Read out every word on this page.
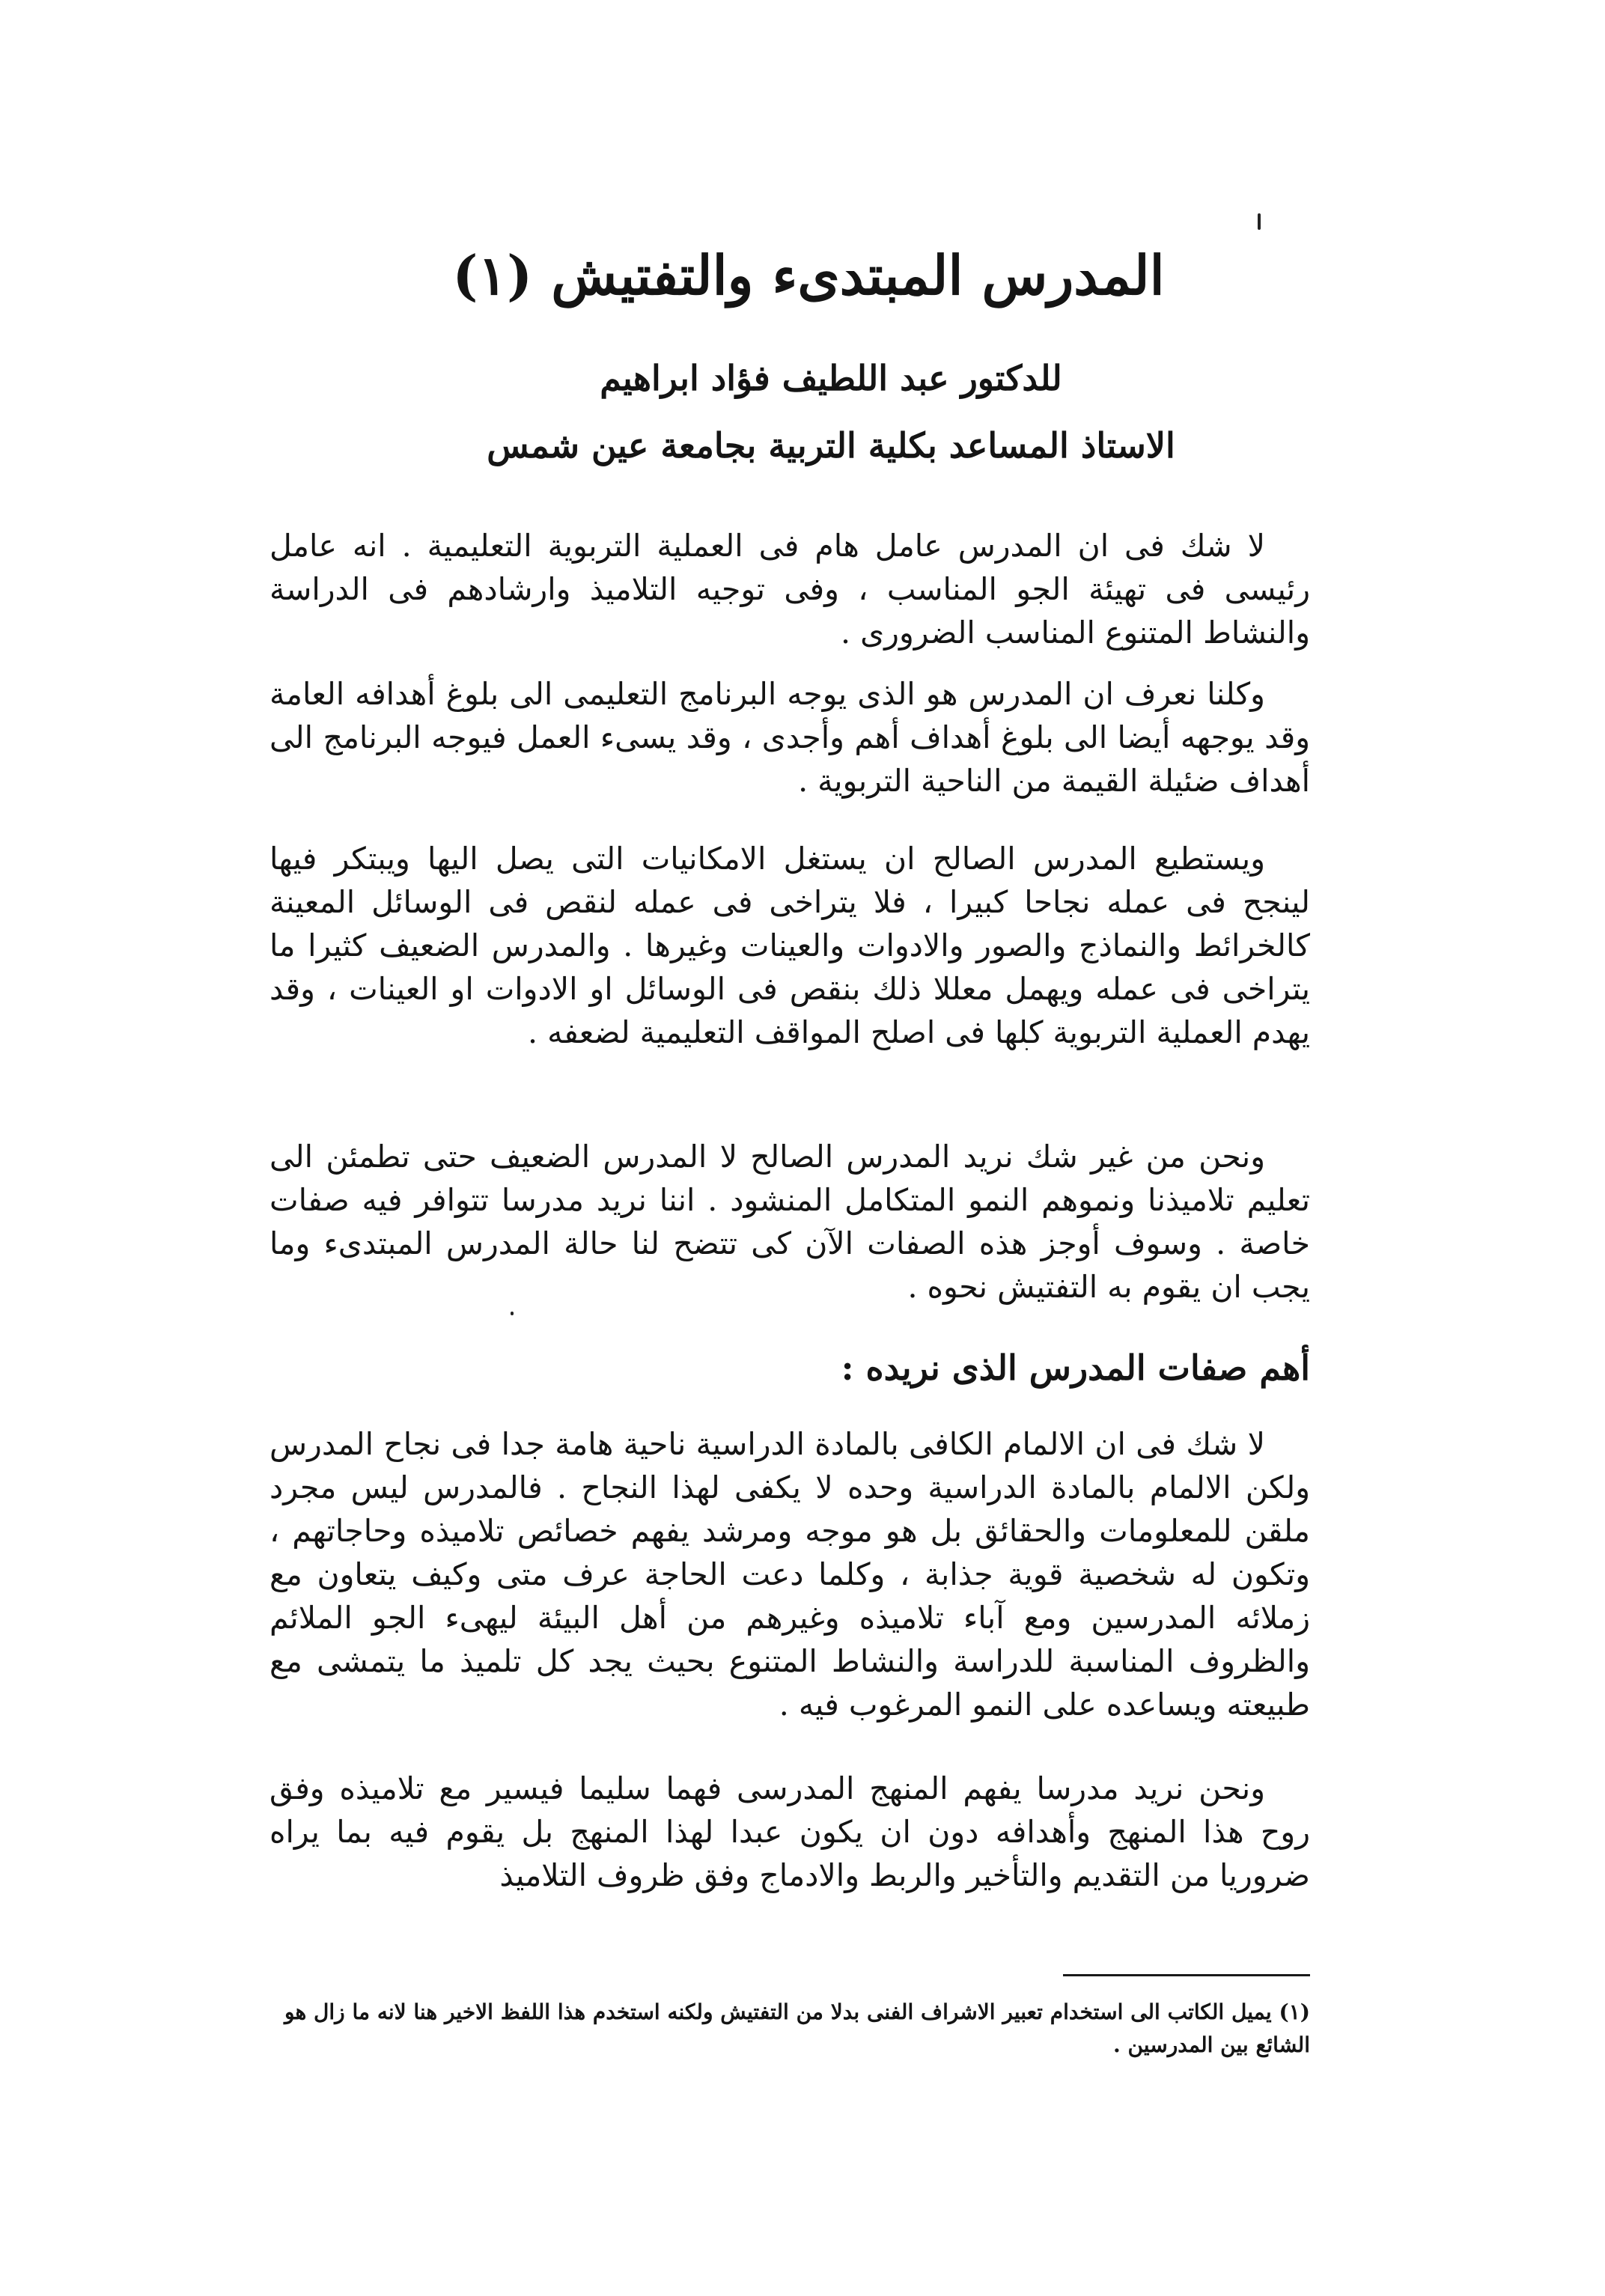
المدرس المبتدىء والتفتيش (١)

للدكتور عبد اللطيف فؤاد ابراهيم

الاستاذ المساعد بكلية التربية بجامعة عين شمس

لا شك فى ان المدرس عامل هام فى العملية التربوية التعليمية . انه عامل رئيسى فى تهيئة الجو المناسب ، وفى توجيه التلاميذ وارشادهم فى الدراسة والنشاط المتنوع المناسب الضرورى .

وكلنا نعرف ان المدرس هو الذى يوجه البرنامج التعليمى الى بلوغ أهدافه العامة وقد يوجهه أيضا الى بلوغ أهداف أهم وأجدى ، وقد يسىء العمل فيوجه البرنامج الى أهداف ضئيلة القيمة من الناحية التربوية .

ويستطيع المدرس الصالح ان يستغل الامكانيات التى يصل اليها ويبتكر فيها لينجح فى عمله نجاحا كبيرا ، فلا يتراخى فى عمله لنقص فى الوسائل المعينة كالخرائط والنماذج والصور والادوات والعينات وغيرها . والمدرس الضعيف كثيرا ما يتراخى فى عمله ويهمل معللا ذلك بنقص فى الوسائل او الادوات او العينات ، وقد يهدم العملية التربوية كلها فى اصلح المواقف التعليمية لضعفه .

ونحن من غير شك نريد المدرس الصالح لا المدرس الضعيف حتى تطمئن الى تعليم تلاميذنا ونموهم النمو المتكامل المنشود . اننا نريد مدرسا تتوافر فيه صفات خاصة . وسوف أوجز هذه الصفات الآن كى تتضح لنا حالة المدرس المبتدىء وما يجب ان يقوم به التفتيش نحوه .

أهم صفات المدرس الذى نريده :

لا شك فى ان الالمام الكافى بالمادة الدراسية ناحية هامة جدا فى نجاح المدرس ولكن الالمام بالمادة الدراسية وحده لا يكفى لهذا النجاح . فالمدرس ليس مجرد ملقن للمعلومات والحقائق بل هو موجه ومرشد يفهم خصائص تلاميذه وحاجاتهم ، وتكون له شخصية قوية جذابة ، وكلما دعت الحاجة عرف متى وكيف يتعاون مع زملائه المدرسين ومع آباء تلاميذه وغيرهم من أهل البيئة ليهىء الجو الملائم والظروف المناسبة للدراسة والنشاط المتنوع بحيث يجد كل تلميذ ما يتمشى مع طبيعته ويساعده على النمو المرغوب فيه .

ونحن نريد مدرسا يفهم المنهج المدرسى فهما سليما فيسير مع تلاميذه وفق روح هذا المنهج وأهدافه دون ان يكون عبدا لهذا المنهج بل يقوم فيه بما يراه ضروريا من التقديم والتأخير والربط والادماج وفق ظروف التلاميذ

(١) يميل الكاتب الى استخدام تعبير الاشراف الفنى بدلا من التفتيش ولكنه استخدم هذا اللفظ الاخير هنا لانه ما زال هو الشائع بين المدرسين .
